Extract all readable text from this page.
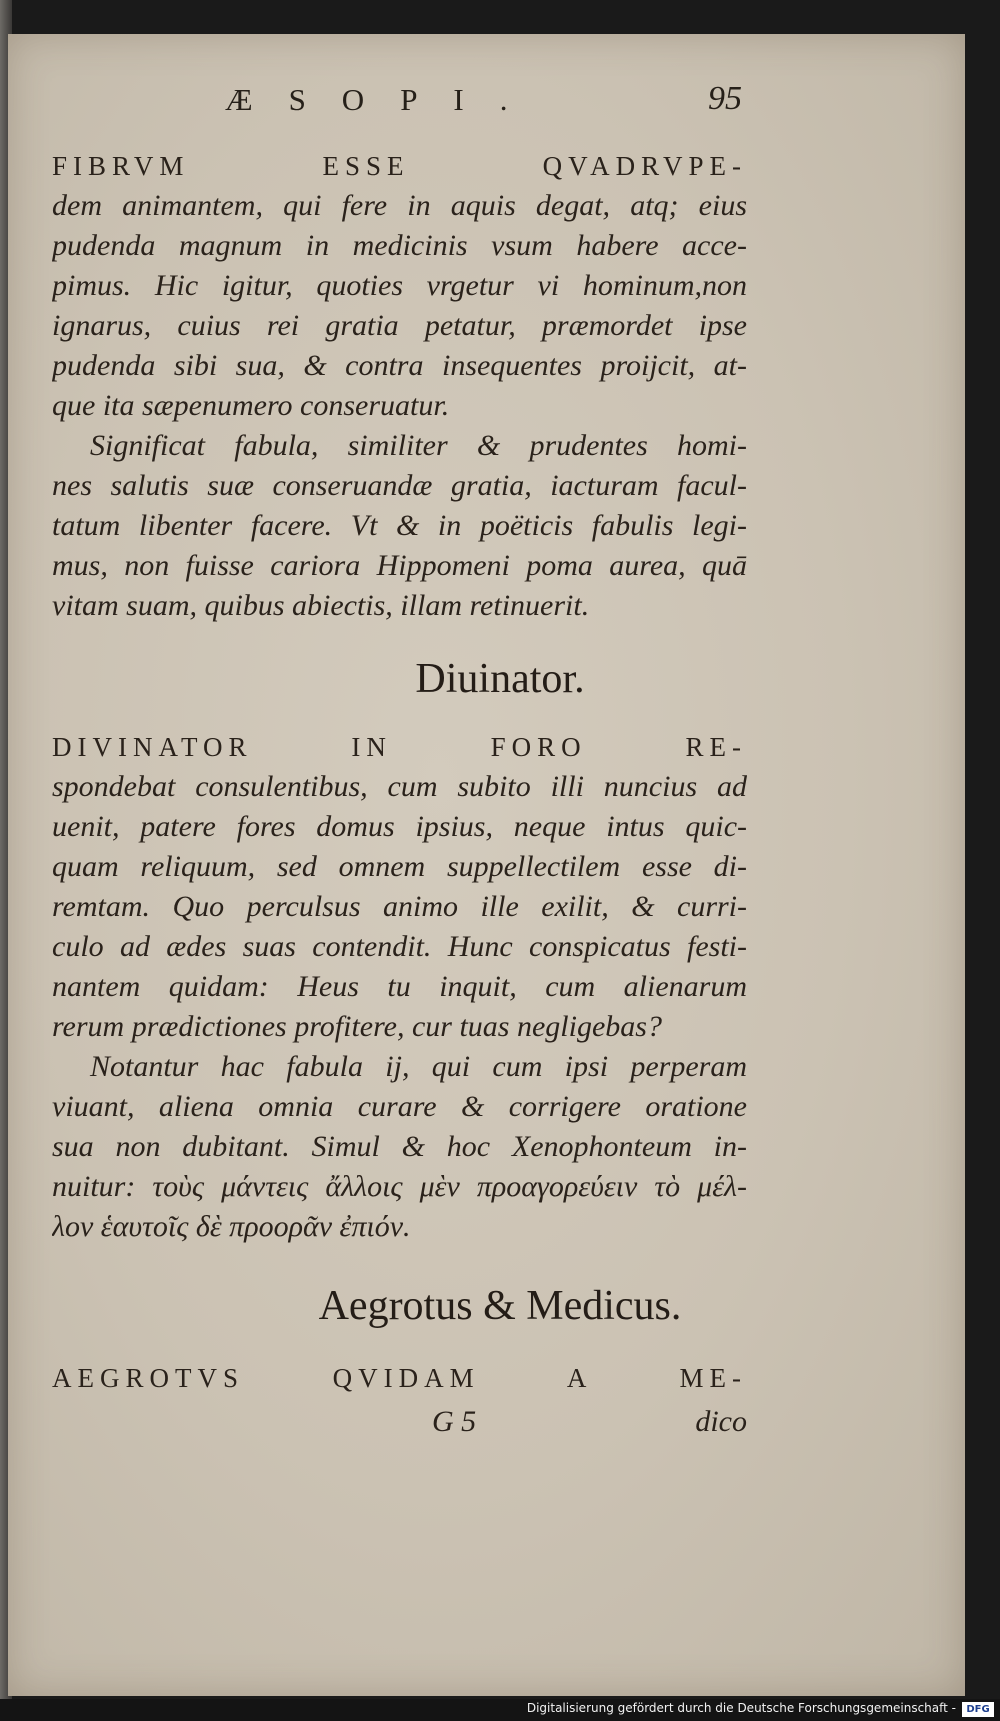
ÆSOPI.	95
FIBRVM ESSE QVADRVPE-
dem animantem, qui fere in aquis degat, atq; eius
pudenda magnum in medicinis vsum habere acce-
pimus. Hic igitur, quoties vrgetur vi hominum,non
ignarus, cuius rei gratia petatur, præmordet ipse
pudenda sibi sua, & contra insequentes proijcit, at-
que ita sæpenumero conseruatur.
Significat fabula, similiter & prudentes homi-
nes salutis suæ conseruandæ gratia, iacturam facul-
tatum libenter facere. Vt & in poëticis fabulis legi-
mus, non fuisse cariora Hippomeni poma aurea, quā
vitam suam, quibus abiectis, illam retinuerit.
Diuinator.
DIVINATOR IN FORO RE-
spondebat consulentibus, cum subito illi nuncius ad
uenit, patere fores domus ipsius, neque intus quic-
quam reliquum, sed omnem suppellectilem esse di-
remtam. Quo perculsus animo ille exilit, & curri-
culo ad ædes suas contendit. Hunc conspicatus festi-
nantem quidam: Heus tu inquit, cum alienarum
rerum prædictiones profitere, cur tuas negligebas?
Notantur hac fabula ij, qui cum ipsi perperam
viuant, aliena omnia curare & corrigere oratione
sua non dubitant. Simul & hoc Xenophonteum in-
nuitur: τοὺς μάντεις ἄλλοις μὲν προαγορεύειν τὸ μέλ-
λον ἑαυτοῖς δὲ προορᾶν ἐπιόν.
Aegrotus & Medicus.
AEGROTVS QVIDAM A ME-
G 5	dico
Digitalisierung gefördert durch die Deutsche Forschungsgemeinschaft -	DFG
